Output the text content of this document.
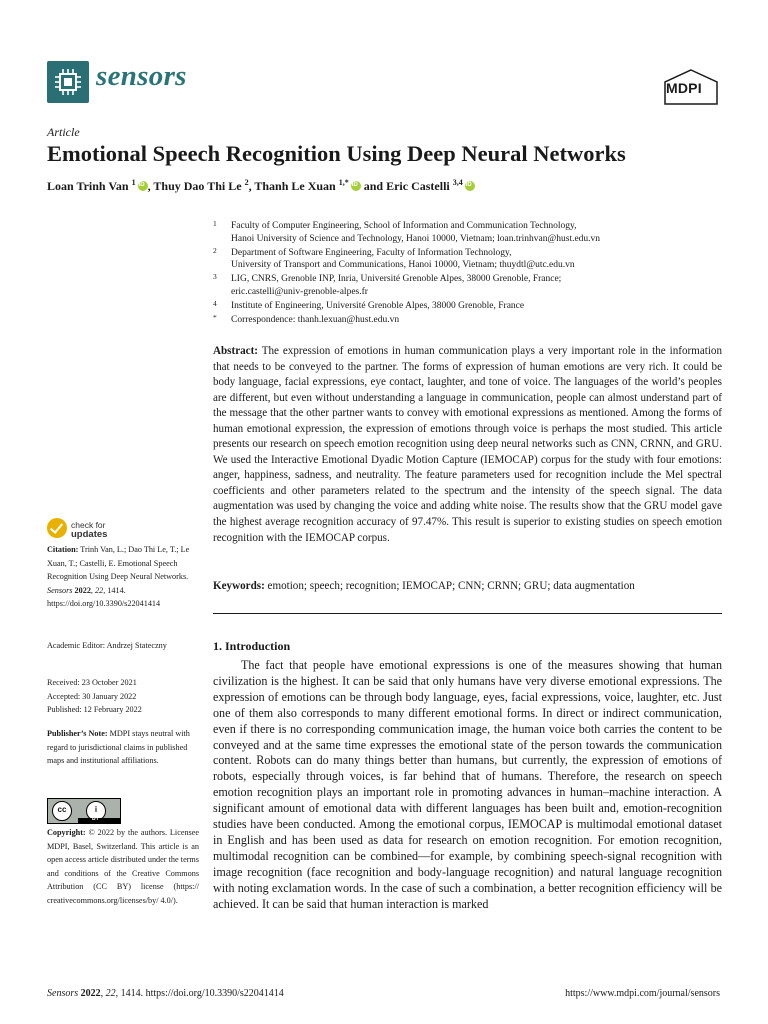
sensors	MDPI
Article
Emotional Speech Recognition Using Deep Neural Networks
Loan Trinh Van $^1$iD , Thuy Dao Thi Le $^2$, Thanh Le Xuan $^{1,*}$iD and Eric Castelli $^{3,4}$iD
1 Faculty of Computer Engineering, School of Information and Communication Technology,
Hanoi University of Science and Technology, Hanoi 10000, Vietnam; loan.trinhvan@hust.edu.vn
2 Department of Software Engineering, Faculty of Information Technology,
University of Transport and Communications, Hanoi 10000, Vietnam; thuydtl@utc.edu.vn
3 LIG, CNRS, Grenoble INP, Inria, Université Grenoble Alpes, 38000 Grenoble, France;
eric.castelli@univ-grenoble-alpes.fr
4 Institute of Engineering, Université Grenoble Alpes, 38000 Grenoble, France
* Correspondence: thanh.lexuan@hust.edu.vn
Abstract: The expression of emotions in human communication plays a very important role in the information that needs to be conveyed to the partner. The forms of expression of human emotions are very rich. It could be body language, facial expressions, eye contact, laughter, and tone of voice. The languages of the world’s peoples are different, but even without understanding a language in communication, people can almost understand part of the message that the other partner wants to convey with emotional expressions as mentioned. Among the forms of human emotional expression, the expression of emotions through voice is perhaps the most studied. This article presents our research on speech emotion recognition using deep neural networks such as CNN, CRNN, and GRU. We used the Interactive Emotional Dyadic Motion Capture (IEMOCAP) corpus for the study with four emotions: anger, happiness, sadness, and neutrality. The feature parameters used for recognition include the Mel spectral coefficients and other parameters related to the spectrum and the intensity of the speech signal. The data augmentation was used by changing the voice and adding white noise. The results show that the GRU model gave the highest average recognition accuracy of 97.47%. This result is superior to existing studies on speech emotion recognition with the IEMOCAP corpus.
Keywords: emotion; speech; recognition; IEMOCAP; CNN; CRNN; GRU; data augmentation
1. Introduction
The fact that people have emotional expressions is one of the measures showing that human civilization is the highest. It can be said that only humans have very diverse emotional expressions. The expression of emotions can be through body language, eyes, facial expressions, voice, laughter, etc. Just one of them also corresponds to many different emotional forms. In direct or indirect communication, even if there is no corresponding communication image, the human voice both carries the content to be conveyed and at the same time expresses the emotional state of the person towards the communication content. Robots can do many things better than humans, but currently, the expression of emotions of robots, especially through voices, is far behind that of humans. Therefore, the research on speech emotion recognition plays an important role in promoting advances in human–machine interaction. A significant amount of emotional data with different languages has been built and, emotion-recognition studies have been conducted. Among the emotional corpus, IEMOCAP is multimodal emotional dataset in English and has been used as data for research on emotion recognition. For emotion recognition, multimodal recognition can be combined—for example, by combining speech-signal recognition with image recognition (face recognition and body-language recognition) and natural language recognition with noting exclamation words. In the case of such a combination, a better recognition efficiency will be achieved. It can be said that human interaction is marked
check for
updates
Citation: Trinh Van, L.; Dao Thi Le, T.; Le Xuan, T.; Castelli, E. Emotional Speech Recognition Using Deep Neural Networks. Sensors 2022, 22, 1414. https://doi.org/10.3390/s22041414
Academic Editor: Andrzej Stateczny
Received: 23 October 2021
Accepted: 30 January 2022
Published: 12 February 2022
Publisher’s Note: MDPI stays neutral with regard to jurisdictional claims in published maps and institutional affiliations.
cc	i
BY
Copyright: © 2022 by the authors. Licensee MDPI, Basel, Switzerland. This article is an open access article distributed under the terms and conditions of the Creative Commons Attribution (CC BY) license (https:// creativecommons.org/licenses/by/ 4.0/).
Sensors 2022, 22, 1414. https://doi.org/10.3390/s22041414	https://www.mdpi.com/journal/sensors
